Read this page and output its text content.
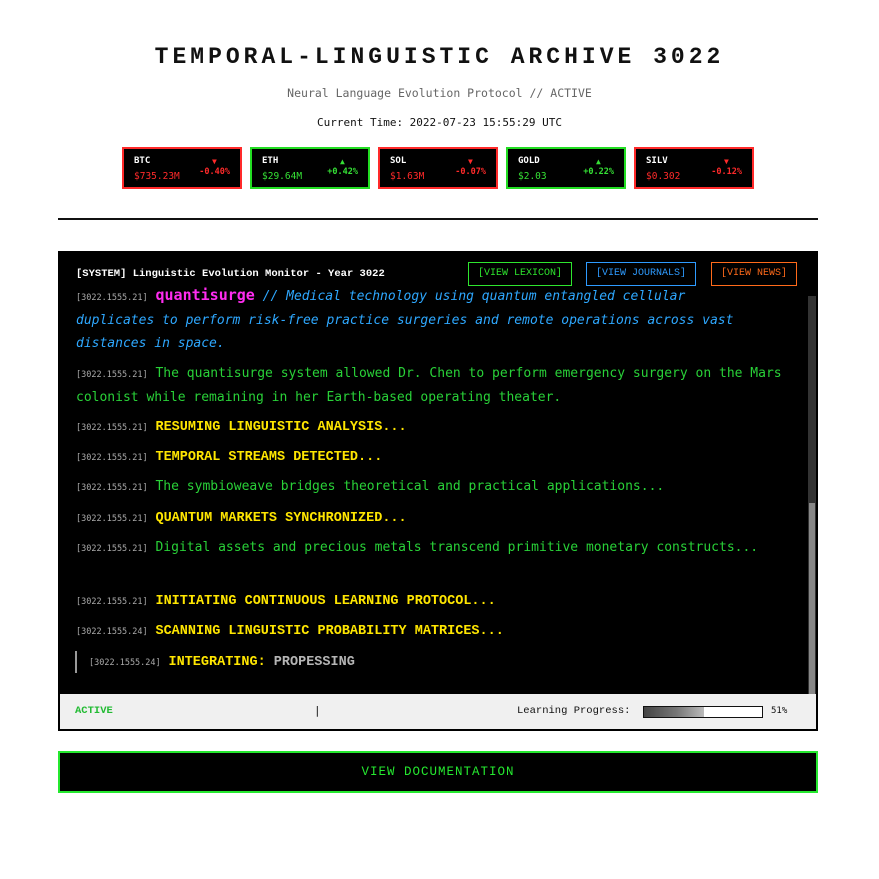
TEMPORAL-LINGUISTIC ARCHIVE 3022
Neural Language Evolution Protocol // ACTIVE
Current Time: 2022-07-23 15:55:29 UTC
BTC	▼
$735.23M -0.40%
ETH	▲
$29.64M	+0.42%
SOL	▼
$1.63M	-0.07%
GOLD	▲
$2.03	+0.22%
SILV	▼
$0.302	-0.12%
[SYSTEM] Linguistic Evolution Monitor - Year 3022	[VIEW LEXICON]	[VIEW JOURNALS]	[VIEW NEWS]
[3022.1555.21] quantisurge // Medical technology using quantum entangled cellular
duplicates to perform risk-free practice surgeries and remote operations across vast distances in space.
[3022.1555.21] The quantisurge system allowed Dr. Chen to perform emergency surgery on the Mars colonist while remaining in her Earth-based operating theater.
[3022.1555.21] RESUMING LINGUISTIC ANALYSIS...
[3022.1555.21] TEMPORAL STREAMS DETECTED...
[3022.1555.21] The symbioweave bridges theoretical and practical applications...
[3022.1555.21] QUANTUM MARKETS SYNCHRONIZED...
[3022.1555.21] Digital assets and precious metals transcend primitive monetary constructs...
[3022.1555.21] INITIATING CONTINUOUS LEARNING PROTOCOL...
[3022.1555.24] SCANNING LINGUISTIC PROBABILITY MATRICES...
[3022.1555.24] INTEGRATING: PROPESSING
ACTIVE	|	Learning Progress:	51%
VIEW DOCUMENTATION
